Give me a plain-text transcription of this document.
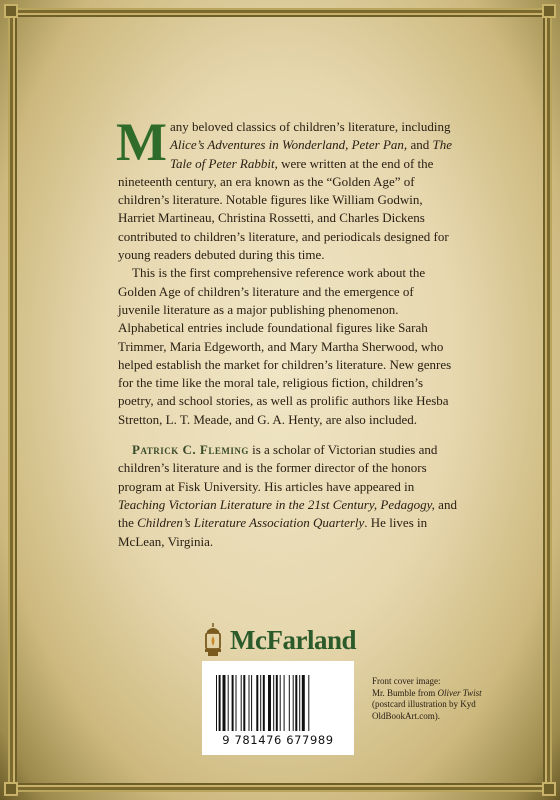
Many beloved classics of children’s literature, including Alice’s Adventures in Wonderland, Peter Pan, and The Tale of Peter Rabbit, were written at the end of the nineteenth century, an era known as the “Golden Age” of children’s literature. Notable figures like William Godwin, Harriet Martineau, Christina Rossetti, and Charles Dickens contributed to children’s literature, and periodicals designed for young readers debuted during this time.

This is the first comprehensive reference work about the Golden Age of children’s literature and the emergence of juvenile literature as a major publishing phenomenon. Alphabetical entries include foundational figures like Sarah Trimmer, Maria Edgeworth, and Mary Martha Sherwood, who helped establish the market for children’s literature. New genres for the time like the moral tale, religious fiction, children’s poetry, and school stories, as well as prolific authors like Hesba Stretton, L. T. Meade, and G. A. Henty, are also included.

Patrick C. Fleming is a scholar of Victorian studies and children’s literature and is the former director of the honors program at Fisk University. His articles have appeared in Teaching Victorian Literature in the 21st Century, Pedagogy, and the Children’s Literature Association Quarterly. He lives in McLean, Virginia.

McFarland
9 781476 677989

Front cover image:

Mr. Bumble from Oliver Twist (postcard illustration by Kyd OldBookArt.com).
